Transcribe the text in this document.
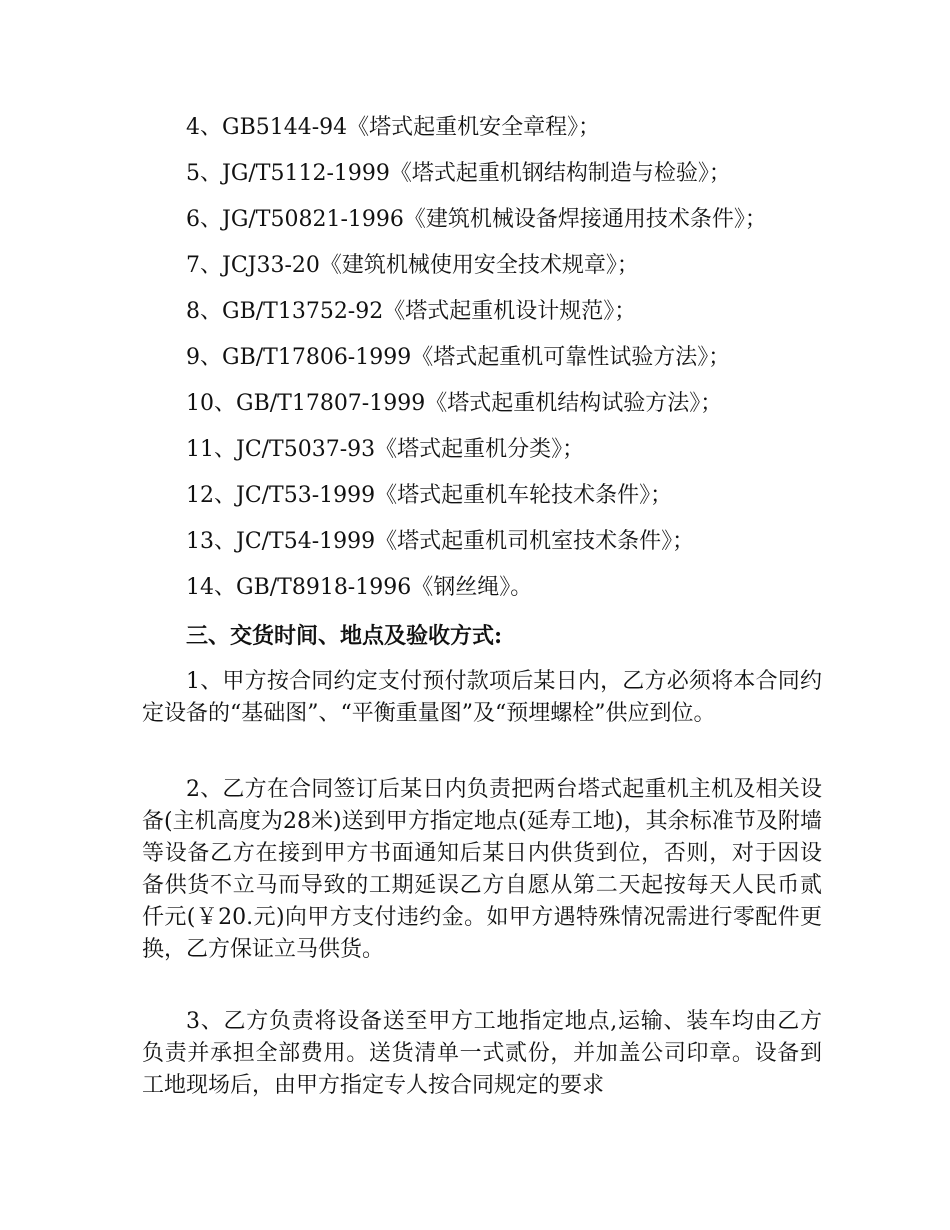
4、GB5144-94《塔式起重机安全章程》；
5、JG/T5112-1999《塔式起重机钢结构制造与检验》；
6、JG/T50821-1996《建筑机械设备焊接通用技术条件》；
7、JCJ33-20《建筑机械使用安全技术规章》；
8、GB/T13752-92《塔式起重机设计规范》；
9、GB/T17806-1999《塔式起重机可靠性试验方法》；
10、GB/T17807-1999《塔式起重机结构试验方法》；
11、JC/T5037-93《塔式起重机分类》；
12、JC/T53-1999《塔式起重机车轮技术条件》；
13、JC/T54-1999《塔式起重机司机室技术条件》；
14、GB/T8918-1996《钢丝绳》。
三、交货时间、地点及验收方式:

1、甲方按合同约定支付预付款项后某日内，乙方必须将本合同约定设备的“基础图”、“平衡重量图”及“预埋螺栓”供应到位。

2、乙方在合同签订后某日内负责把两台塔式起重机主机及相关设备(主机高度为28米)送到甲方指定地点(延寿工地)，其余标准节及附墙等设备乙方在接到甲方书面通知后某日内供货到位，否则，对于因设备供货不立马而导致的工期延误乙方自愿从第二天起按每天人民币贰仟元(￥20.元)向甲方支付违约金。如甲方遇特殊情况需进行零配件更换，乙方保证立马供货。

3、乙方负责将设备送至甲方工地指定地点,运输、装车均由乙方负责并承担全部费用。送货清单一式贰份，并加盖公司印章。设备到工地现场后，由甲方指定专人按合同规定的要求
